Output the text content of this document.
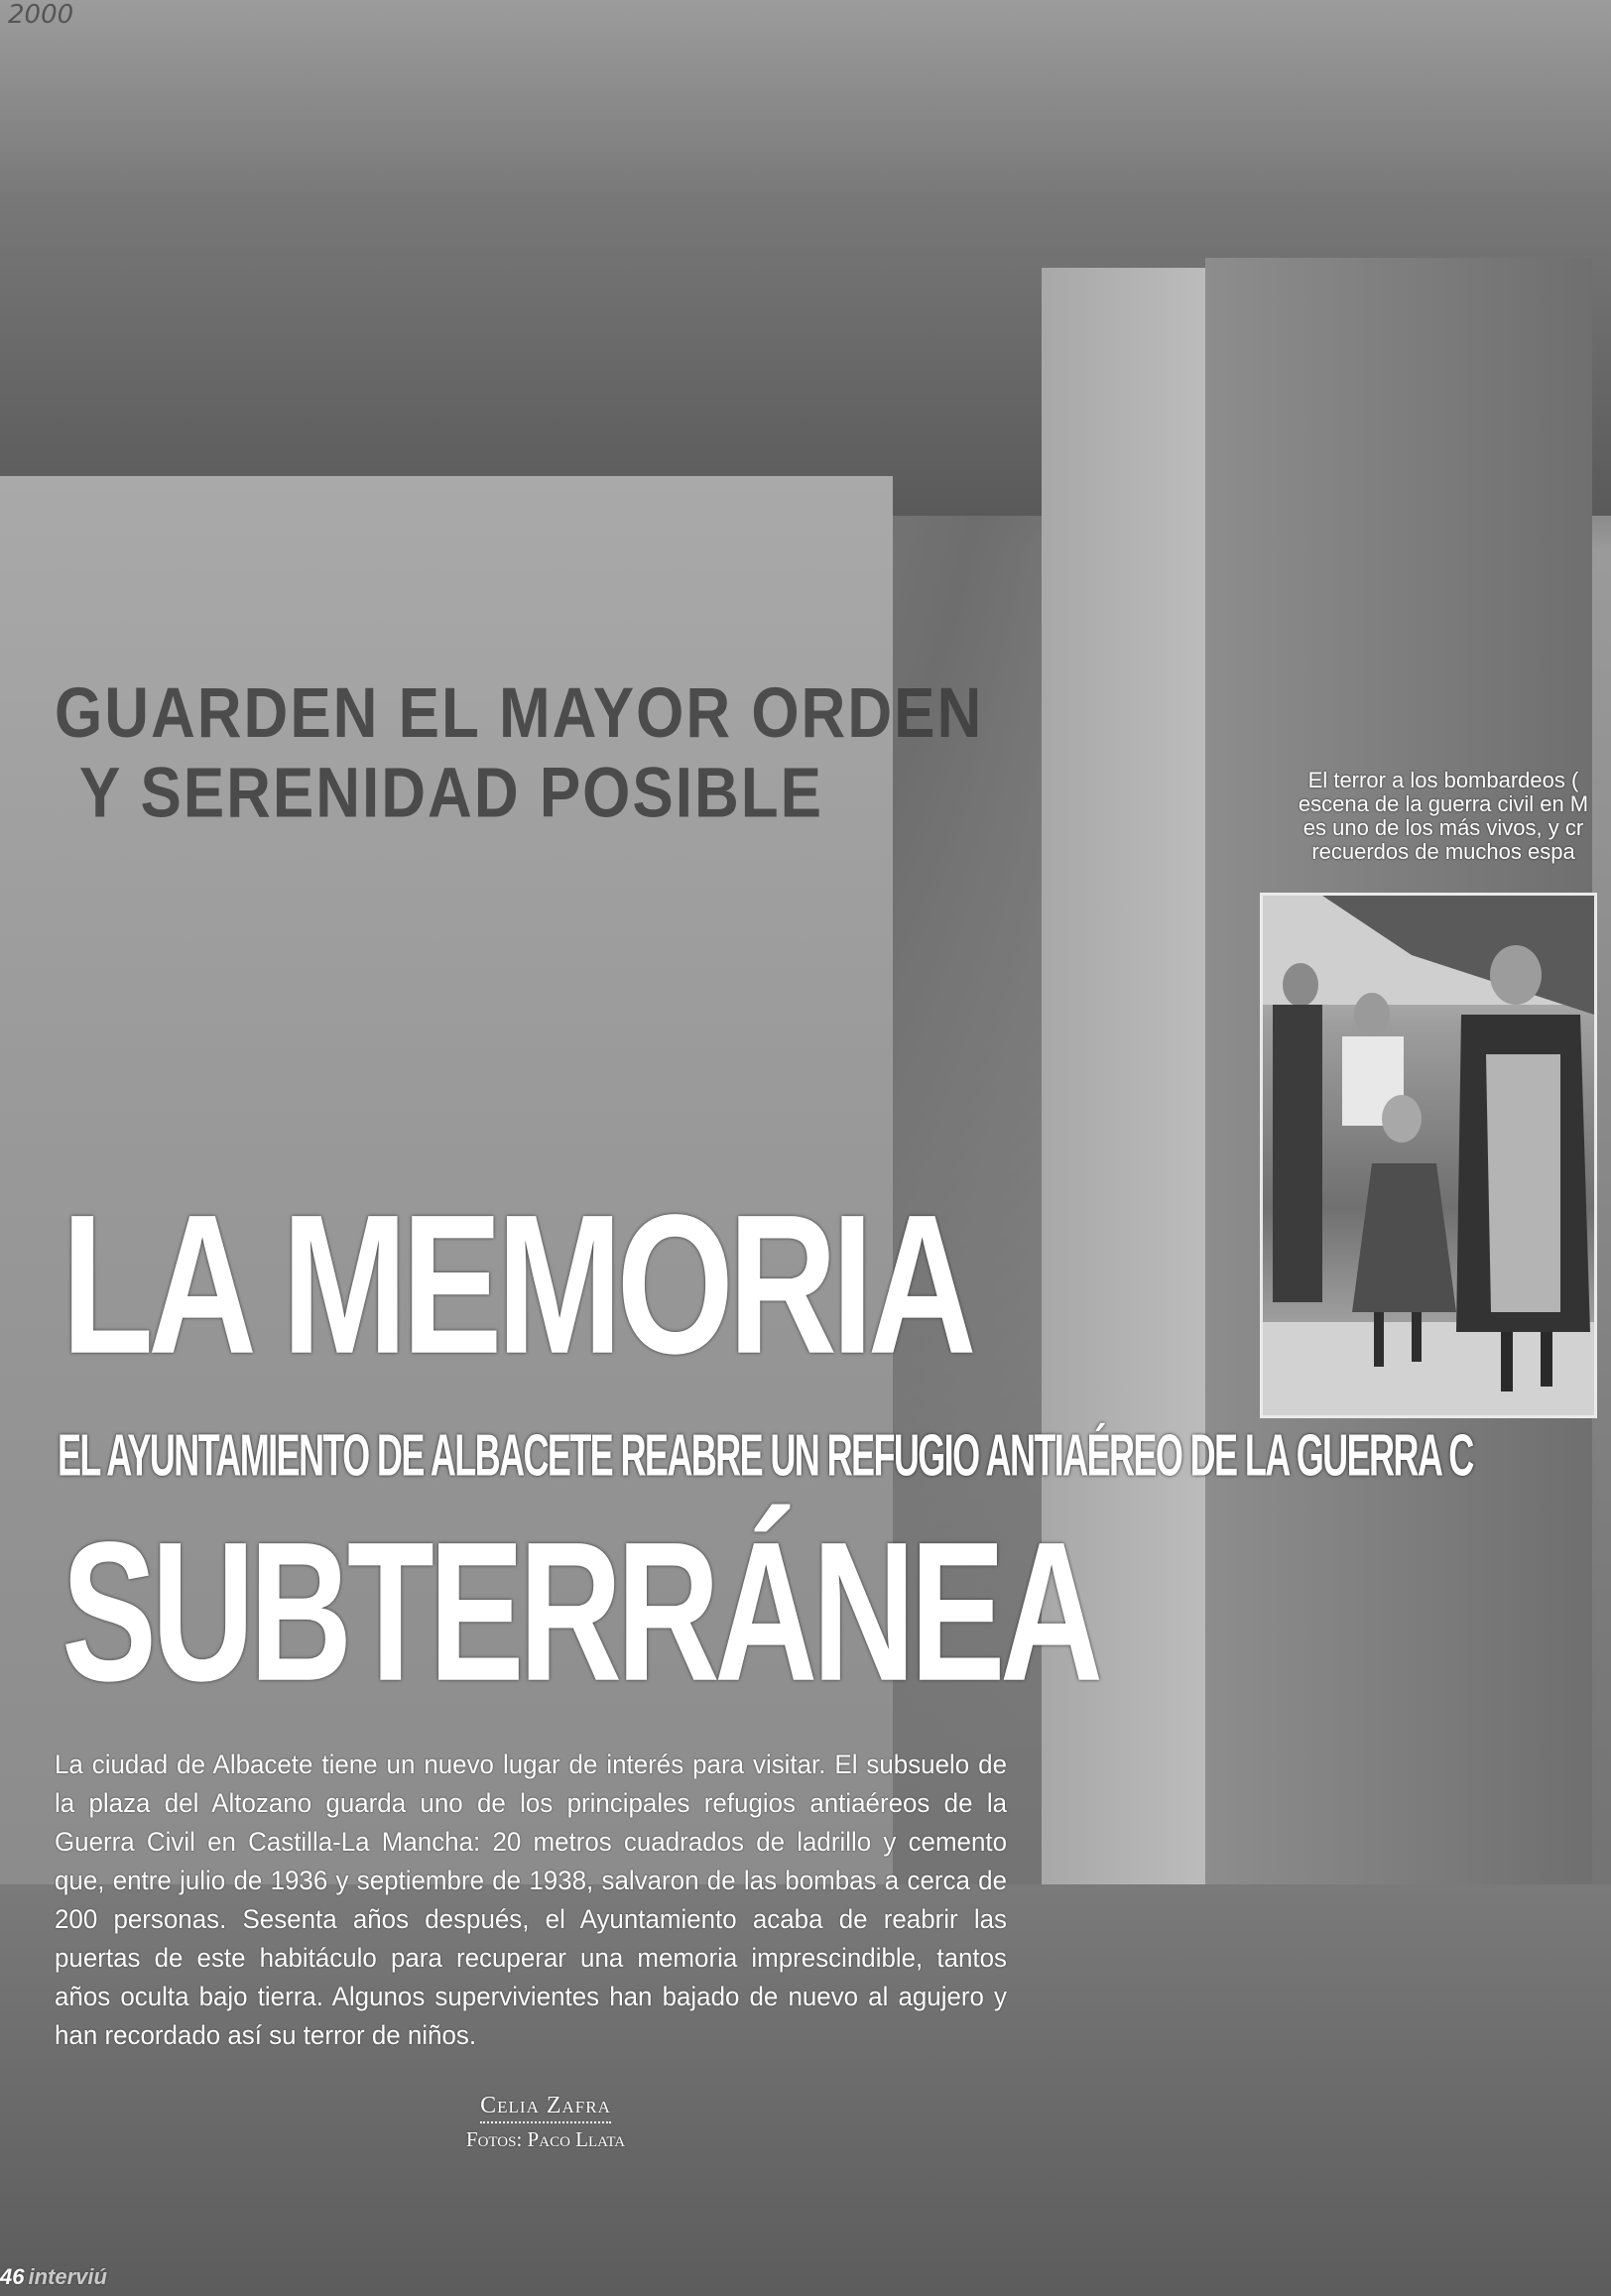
2000
GUARDEN EL MAYOR ORDEN
Y SERENIDAD POSIBLE	El terror a los bombardeos (
escena de la guerra civil en M
es uno de los más vivos, y cr
recuerdos de muchos espa
LA MEMORIA
EL AYUNTAMIENTO DE ALBACETE REABRE UN REFUGIO ANTIAÉREO DE LA GUERRA C
SUBTERRÁNEA
La ciudad de Albacete tiene un nuevo lugar de interés para visitar. El subsuelo de la plaza del Altozano guarda uno de los principales refugios antiaéreos de la Guerra Civil en Castilla-La Mancha: 20 metros cuadrados de ladrillo y cemento que, entre julio de 1936 y septiembre de 1938, salvaron de las bombas a cerca de 200 personas. Sesenta años después, el Ayuntamiento acaba de reabrir las puertas de este habitáculo para recuperar una memoria imprescindible, tantos años oculta bajo tierra. Algunos supervivientes han bajado de nuevo al agujero y han recordado así su terror de niños.
Celia Zafra
Fotos: Paco Llata
46 interviú
